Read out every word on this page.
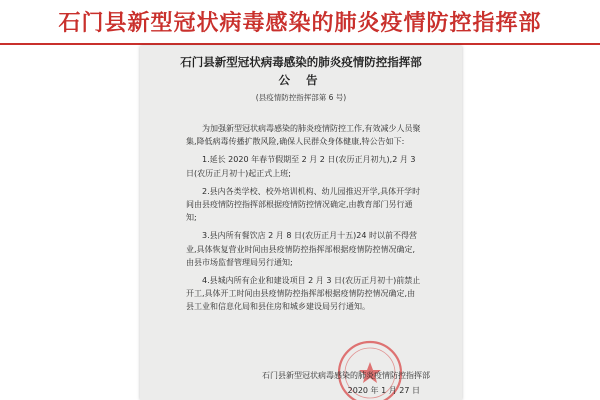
石门县新型冠状病毒感染的肺炎疫情防控指挥部
石门县新型冠状病毒感染的肺炎疫情防控指挥部
公 告
(县疫情防控指挥部第 6 号)

为加强新型冠状病毒感染的肺炎疫情防控工作,有效减少人员聚集,降低病毒传播扩散风险,确保人民群众身体健康,特公告如下:

1.延长 2020 年春节假期至 2 月 2 日(农历正月初九),2 月 3 日(农历正月初十)起正式上班;

2.县内各类学校、校外培训机构、幼儿园推迟开学,具体开学时间由县疫情防控指挥部根据疫情防控情况确定,由教育部门另行通知;

3.县内所有餐饮店 2 月 8 日(农历正月十五)24 时以前不得营业,具体恢复营业时间由县疫情防控指挥部根据疫情防控情况确定,由县市场监督管理局另行通知;

4.县城内所有企业和建设项目 2 月 3 日(农历正月初十)前禁止开工,具体开工时间由县疫情防控指挥部根据疫情防控情况确定,由县工业和信息化局和县住房和城乡建设局另行通知。

石门县新型冠状病毒感染的肺炎疫情防控指挥部
2020 年 1 月 27 日
